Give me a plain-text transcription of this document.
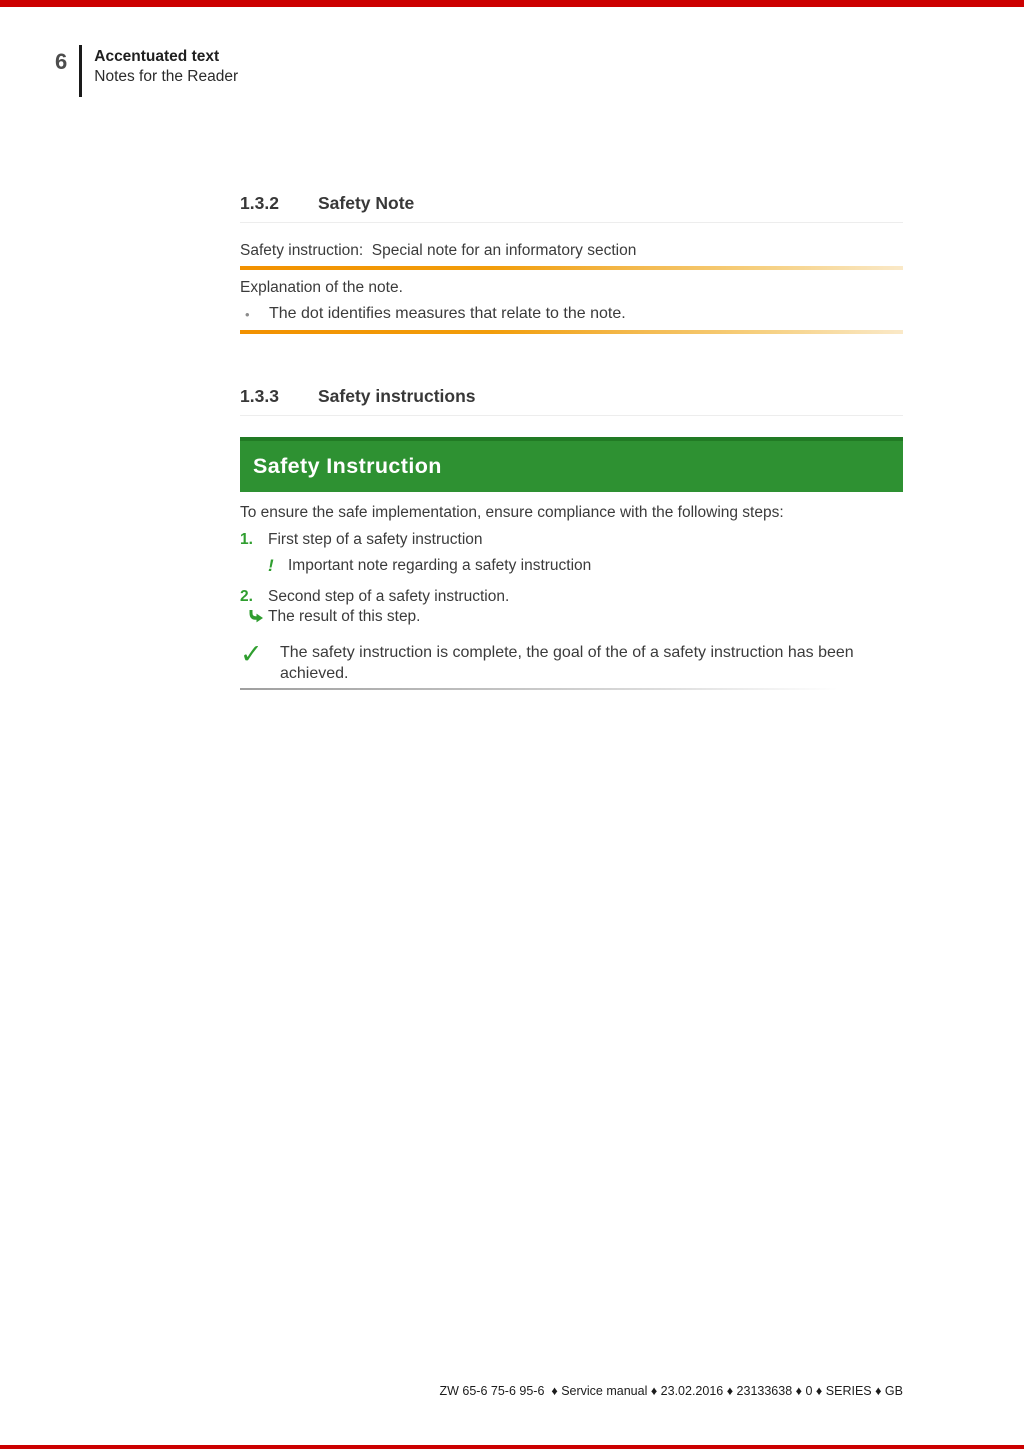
6 Accentuated text
Notes for the Reader
1.3.2	Safety Note

Safety instruction:  Special note for an informatory section

Explanation of the note.

•	The dot identifies measures that relate to the note.
1.3.3	Safety instructions
Safety Instruction

To ensure the safe implementation, ensure compliance with the following steps:

1. First step of a safety instruction
! Important note regarding a safety instruction
2. Second step of a safety instruction.
The result of this step.
✓	The safety instruction is complete, the goal of the of a safety instruction has been achieved.
ZW 65-6 75-6 95-6  ♦ Service manual ♦ 23.02.2016 ♦ 23133638 ♦ 0 ♦ SERIES ♦ GB
